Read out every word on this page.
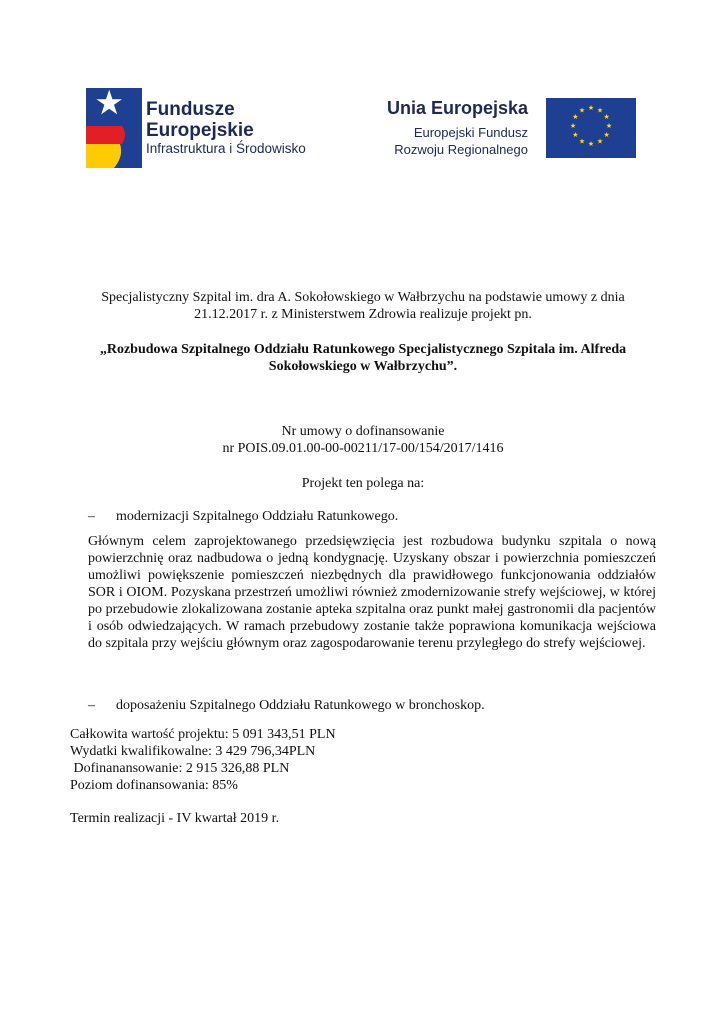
Fundusze
Europejskie
Infrastruktura i Środowisko
Unia Europejska
Europejski Fundusz
Rozwoju Regionalnego
★ ★
★
★
★
★
★
★
★
★
★
★
Specjalistyczny Szpital im. dra A. Sokołowskiego w Wałbrzychu na podstawie umowy z dnia
21.12.2017 r. z Ministerstwem Zdrowia realizuje projekt pn.
„Rozbudowa Szpitalnego Oddziału Ratunkowego Specjalistycznego Szpitala im. Alfreda
Sokołowskiego w Wałbrzychu”.
Nr umowy o dofinansowanie
nr POIS.09.01.00-00-00211/17-00/154/2017/1416
Projekt ten polega na:
– modernizacji Szpitalnego Oddziału Ratunkowego.
Głównym celem zaprojektowanego przedsięwzięcia jest rozbudowa budynku szpitala o nową powierzchnię oraz nadbudowa o jedną kondygnację. Uzyskany obszar i powierzchnia pomieszczeń umożliwi powiększenie pomieszczeń niezbędnych dla prawidłowego funkcjonowania oddziałów SOR i OIOM. Pozyskana przestrzeń umożliwi również zmodernizowanie strefy wejściowej, w której po przebudowie zlokalizowana zostanie apteka szpitalna oraz punkt małej gastronomii dla pacjentów i osób odwiedzających. W ramach przebudowy zostanie także poprawiona komunikacja wejściowa do szpitala przy wejściu głównym oraz zagospodarowanie terenu przyległego do strefy wejściowej.
– doposażeniu Szpitalnego Oddziału Ratunkowego w bronchoskop.
Całkowita wartość projektu: 5 091 343,51 PLN
Wydatki kwalifikowalne: 3 429 796,34PLN
Dofinanansowanie: 2 915 326,88 PLN
Poziom dofinansowania: 85%
Termin realizacji - IV kwartał 2019 r.
